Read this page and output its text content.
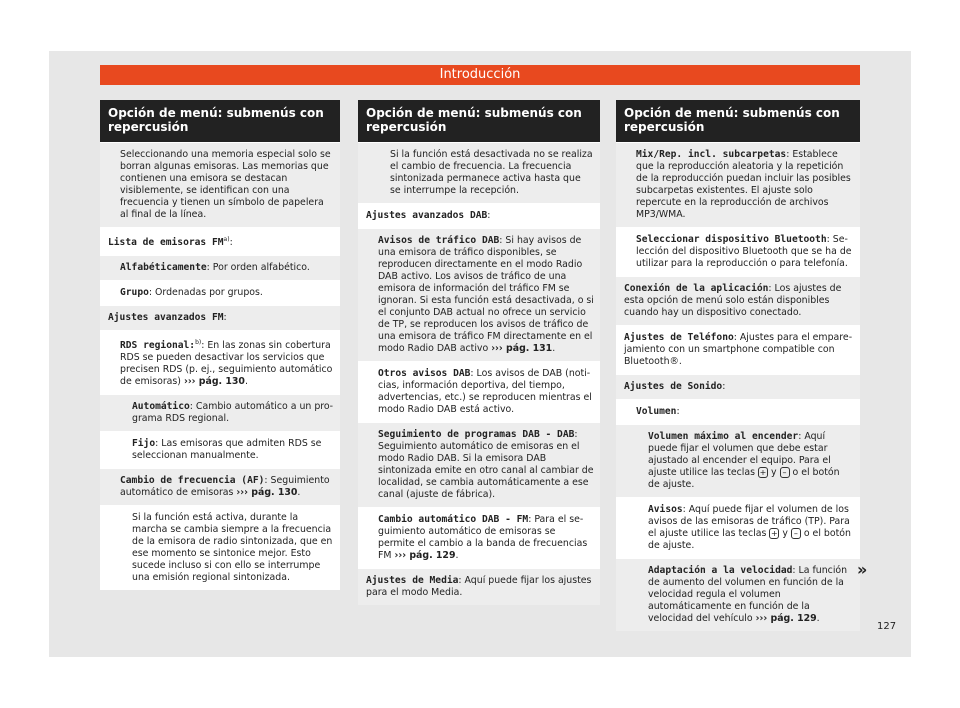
Introducción
Opción de menú: submenús con repercusión
Seleccionando una memoria especial solo se borran algunas emisoras. Las memorias que contienen una emisora se destacan visiblemente, se identifican con una frecuencia y tienen un símbolo de papelera al final de la línea.
Lista de emisoras FM$^{a)}$:
Alfabéticamente: Por orden alfabético.
Grupo: Ordenadas por grupos.
Ajustes avanzados FM:
RDS regional:$^{b)}$: En las zonas sin cobertura RDS se pueden desactivar los servicios que precisen RDS (p. ej., seguimiento automático de emisoras) ››› pág. 130.
Automático: Cambio automático a un programa RDS regional.
Fijo: Las emisoras que admiten RDS se seleccionan manualmente.
Cambio de frecuencia (AF): Seguimiento automático de emisoras ››› pág. 130.
Si la función está activa, durante la marcha se cambia siempre a la frecuencia de la emisora de radio sintonizada, que en ese momento se sintonice mejor. Esto sucede incluso si con ello se interrumpe una emisión regional sintonizada.
Opción de menú: submenús con repercusión
Si la función está desactivada no se realiza el cambio de frecuencia. La frecuencia sintonizada permanece activa hasta que se interrumpe la recepción.
Ajustes avanzados DAB:
Avisos de tráfico DAB: Si hay avisos de una emisora de tráfico disponibles, se reproducen directamente en el modo Radio DAB activo. Los avisos de tráfico de una emisora de información del tráfico FM se ignoran. Si esta función está desactivada, o si el conjunto DAB actual no ofrece un servicio de TP, se reproducen los avisos de tráfico de una emisora de tráfico FM directamente en el modo Radio DAB activo ››› pág. 131.
Otros avisos DAB: Los avisos de DAB (noticias, información deportiva, del tiempo, advertencias, etc.) se reproducen mientras el modo Radio DAB está activo.
Seguimiento de programas DAB - DAB: Seguimiento automático de emisoras en el modo Radio DAB. Si la emisora DAB sintonizada emite en otro canal al cambiar de localidad, se cambia automáticamente a ese canal (ajuste de fábrica).
Cambio automático DAB - FM: Para el seguimiento automático de emisoras se permite el cambio a la banda de frecuencias FM ››› pág. 129.
Ajustes de Media: Aquí puede fijar los ajustes para el modo Media.
Opción de menú: submenús con repercusión
Mix/Rep. incl. subcarpetas: Establece que la reproducción aleatoria y la repetición de la reproducción puedan incluir las posibles subcarpetas existentes. El ajuste solo repercute en la reproducción de archivos MP3/WMA.
Seleccionar dispositivo Bluetooth: Selección del dispositivo Bluetooth que se ha de utilizar para la reproducción o para telefonía.
Conexión de la aplicación: Los ajustes de esta opción de menú solo están disponibles cuando hay un dispositivo conectado.
Ajustes de Teléfono: Ajustes para el emparejamiento con un smartphone compatible con Bluetooth®.
Ajustes de Sonido:
Volumen:
Volumen máximo al encender: Aquí puede fijar el volumen que debe estar ajustado al encender el equipo. Para el ajuste utilice las teclas + y – o el botón de ajuste.
Avisos: Aquí puede fijar el volumen de los avisos de las emisoras de tráfico (TP). Para el ajuste utilice las teclas + y – o el botón de ajuste.
Adaptación a la velocidad: La función de aumento del volumen en función de la velocidad regula el volumen automáticamente en función de la velocidad del vehículo ››› pág. 129.
»
127
